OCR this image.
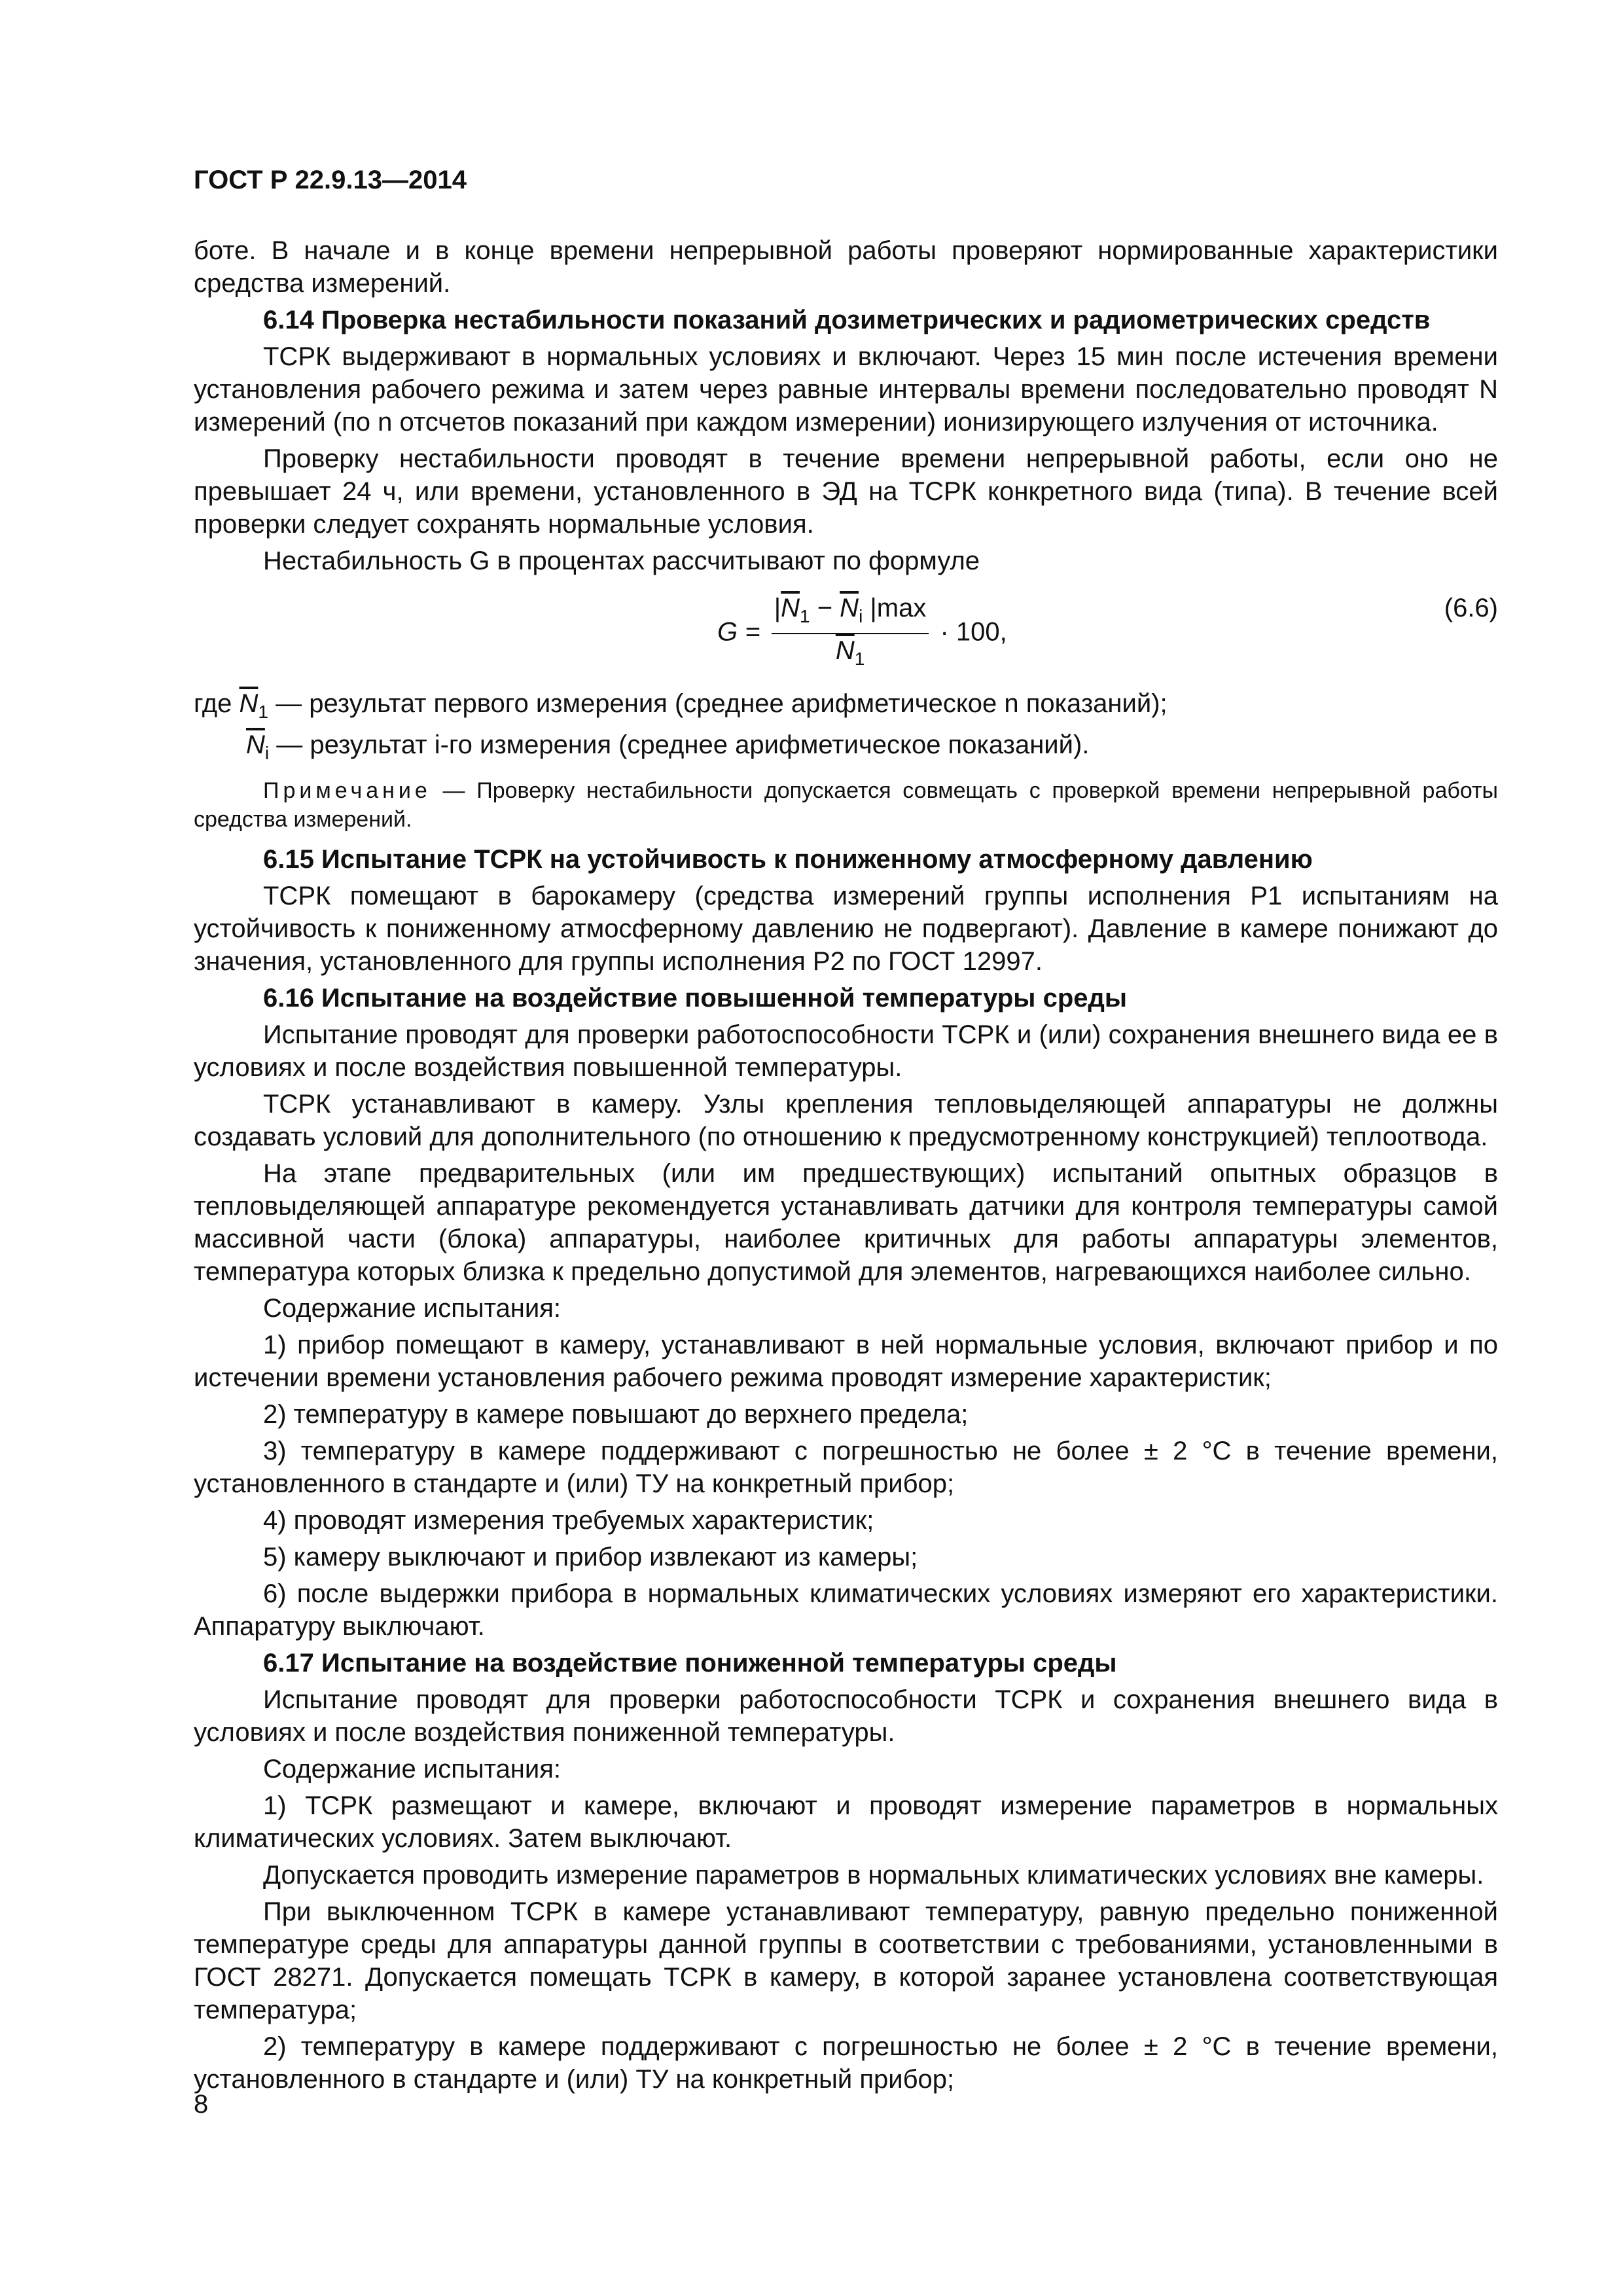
ГОСТ Р 22.9.13—2014

боте. В начале и в конце времени непрерывной работы проверяют нормированные характеристики средства измерений.

6.14 Проверка нестабильности показаний дозиметрических и радиометрических средств

ТСРК выдерживают в нормальных условиях и включают. Через 15 мин после истечения времени установления рабочего режима и затем через равные интервалы времени последовательно проводят N измерений (по n отсчетов показаний при каждом измерении) ионизирующего излучения от источника.

Проверку нестабильности проводят в течение времени непрерывной работы, если оно не превышает 24 ч, или времени, установленного в ЭД на ТСРК конкретного вида (типа). В течение всей проверки следует сохранять нормальные условия.

Нестабильность G в процентах рассчитывают по формуле

$G = \frac{|\overline{N}_1 - \overline{N}_i |\max}{\overline{N}_1} \cdot 100$,
(6.6)

где $\overline{N}_1$ — результат первого измерения (среднее арифметическое n показаний);

$\overline{N}_i$ — результат i-го измерения (среднее арифметическое показаний).

Примечание — Проверку нестабильности допускается совмещать с проверкой времени непрерывной работы средства измерений.

6.15 Испытание ТСРК на устойчивость к пониженному атмосферному давлению

ТСРК помещают в барокамеру (средства измерений группы исполнения Р1 испытаниям на устойчивость к пониженному атмосферному давлению не подвергают). Давление в камере понижают до значения, установленного для группы исполнения Р2 по ГОСТ 12997.

6.16 Испытание на воздействие повышенной температуры среды

Испытание проводят для проверки работоспособности ТСРК и (или) сохранения внешнего вида ее в условиях и после воздействия повышенной температуры.

ТСРК устанавливают в камеру. Узлы крепления тепловыделяющей аппаратуры не должны создавать условий для дополнительного (по отношению к предусмотренному конструкцией) теплоотвода.

На этапе предварительных (или им предшествующих) испытаний опытных образцов в тепловыделяющей аппаратуре рекомендуется устанавливать датчики для контроля температуры самой массивной части (блока) аппаратуры, наиболее критичных для работы аппаратуры элементов, температура которых близка к предельно допустимой для элементов, нагревающихся наиболее сильно.

Содержание испытания:

1) прибор помещают в камеру, устанавливают в ней нормальные условия, включают прибор и по истечении времени установления рабочего режима проводят измерение характеристик;

2) температуру в камере повышают до верхнего предела;

3) температуру в камере поддерживают с погрешностью не более ± 2 °C в течение времени, установленного в стандарте и (или) ТУ на конкретный прибор;

4) проводят измерения требуемых характеристик;

5) камеру выключают и прибор извлекают из камеры;

6) после выдержки прибора в нормальных климатических условиях измеряют его характеристики. Аппаратуру выключают.

6.17 Испытание на воздействие пониженной температуры среды

Испытание проводят для проверки работоспособности ТСРК и сохранения внешнего вида в условиях и после воздействия пониженной температуры.

Содержание испытания:

1) ТСРК размещают и камере, включают и проводят измерение параметров в нормальных климатических условиях. Затем выключают.

Допускается проводить измерение параметров в нормальных климатических условиях вне камеры.

При выключенном ТСРК в камере устанавливают температуру, равную предельно пониженной температуре среды для аппаратуры данной группы в соответствии с требованиями, установленными в ГОСТ 28271. Допускается помещать ТСРК в камеру, в которой заранее установлена соответствующая температура;

2) температуру в камере поддерживают с погрешностью не более ± 2 °C в течение времени, установленного в стандарте и (или) ТУ на конкретный прибор;

8
